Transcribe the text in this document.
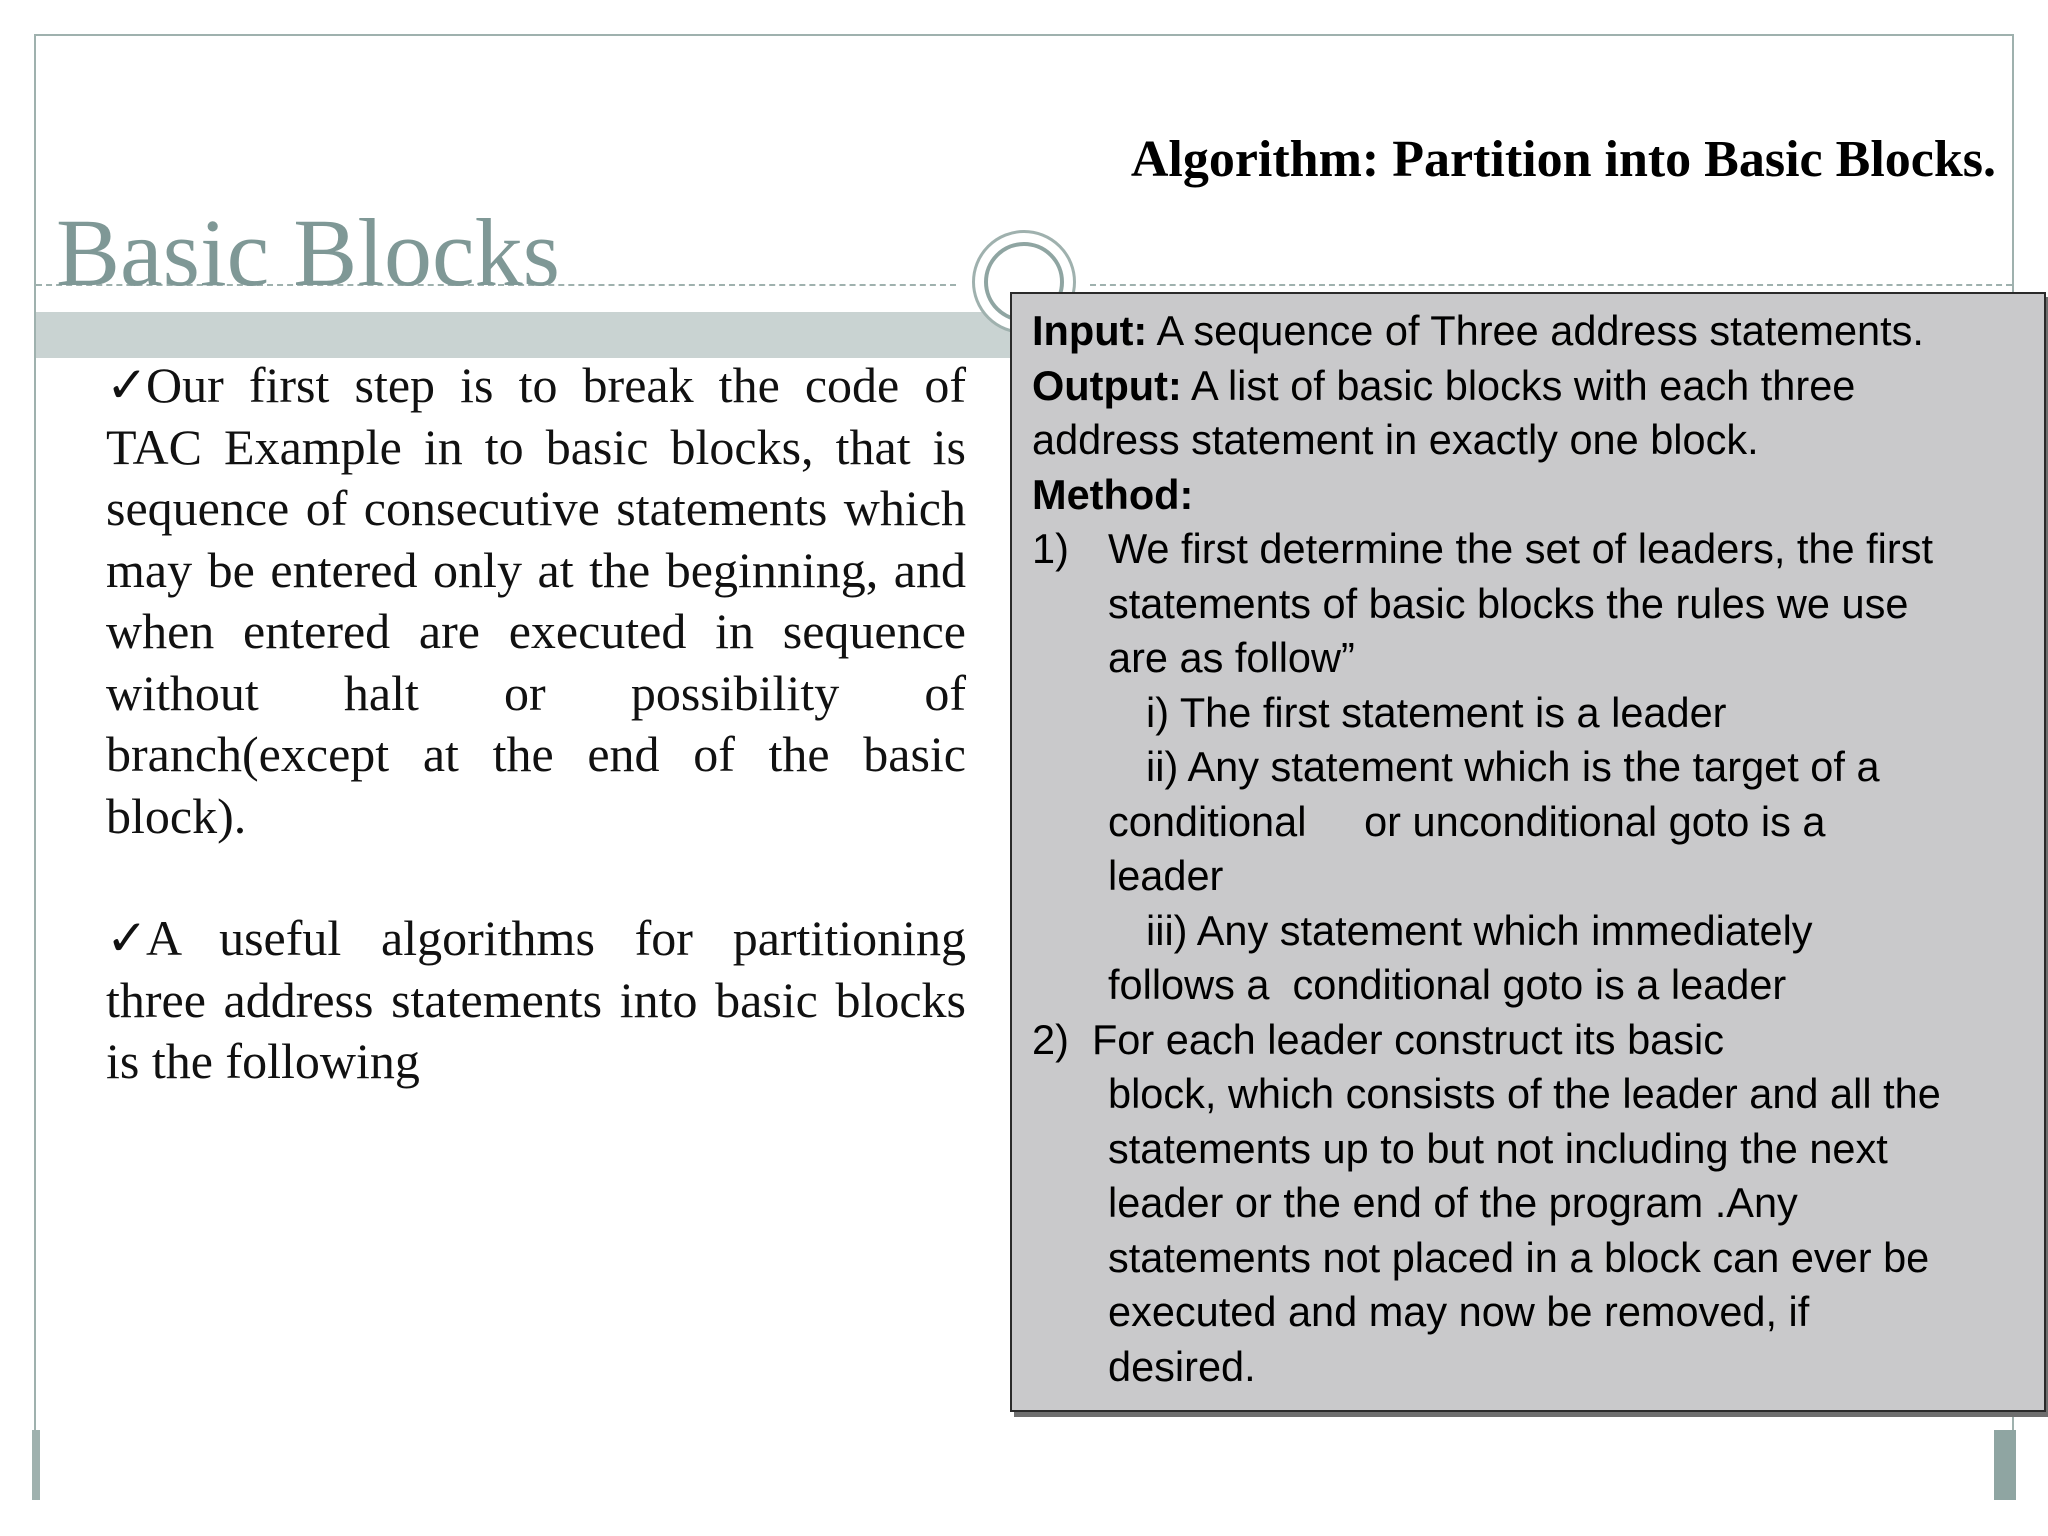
Basic Blocks
Algorithm: Partition into Basic Blocks.

✓Our first step is to break the code of TAC Example in to basic blocks, that is sequence of consecutive statements which may be entered only at the beginning, and when entered are executed in sequence without halt or possibility of branch(except at the end of the basic block).

✓A useful algorithms for partitioning three address statements into basic blocks is the following

Input: A sequence of Three address statements.
Output: A list of basic blocks with each three
address statement in exactly one block.
Method:
1) We first determine the set of leaders, the first
statements of basic blocks the rules we use
are as follow”
i) The first statement is a leader
ii) Any statement which is the target of a
conditional     or unconditional goto is a
leader
iii) Any statement which immediately
follows a  conditional goto is a leader
2)  For each leader construct its basic
block, which consists of the leader and all the
statements up to but not including the next
leader or the end of the program .Any
statements not placed in a block can ever be
executed and may now be removed, if
desired.
